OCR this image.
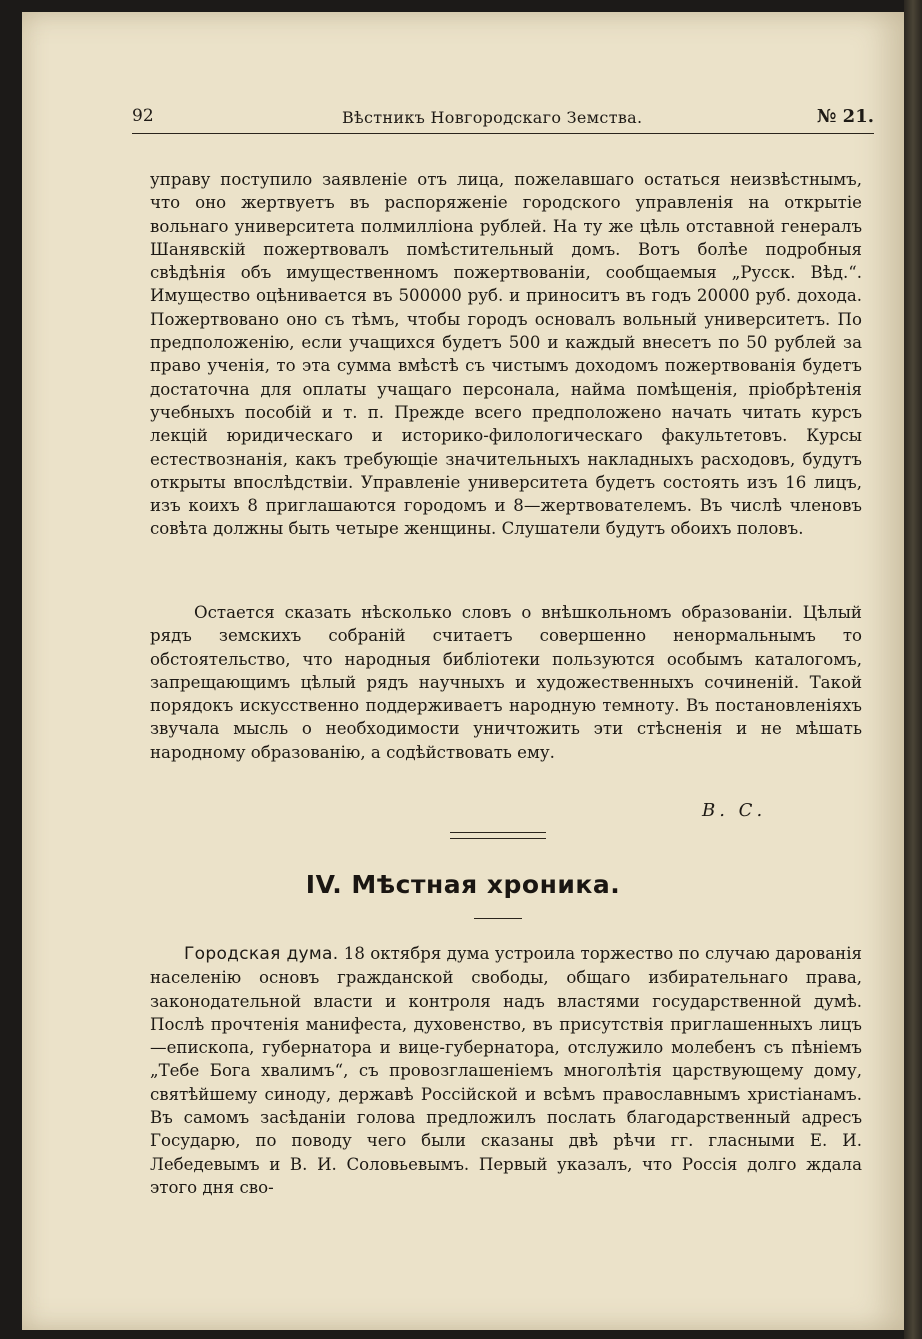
92	Вѣстникъ Новгородскаго Земства.	№ 21.

управу поступило заявленіе отъ лица, пожелавшаго остаться неизвѣстнымъ, что оно жертвуетъ въ распоряженіе городского управленія на открытіе вольнаго университета полмилліона рублей. На ту же цѣль отставной генералъ Шанявскій пожертвовалъ помѣстительный домъ. Вотъ болѣе подробныя свѣдѣнія объ имущественномъ пожертвованіи, сообщаемыя „Русск. Вѣд.“. Имущество оцѣнивается въ 500000 руб. и приноситъ въ годъ 20000 руб. дохода. Пожертвовано оно съ тѣмъ, чтобы городъ основалъ вольный университетъ. По предположенію, если учащихся будетъ 500 и каждый внесетъ по 50 рублей за право ученія, то эта сумма вмѣстѣ съ чистымъ доходомъ пожертвованія будетъ достаточна для оплаты учащаго персонала, найма помѣщенія, пріобрѣтенія учебныхъ пособій и т. п. Прежде всего предположено начать читать курсъ лекцій юридическаго и историко-филологическаго факультетовъ. Курсы естествознанія, какъ требующіе значительныхъ накладныхъ расходовъ, будутъ открыты впослѣдствіи. Управленіе университета будетъ состоять изъ 16 лицъ, изъ коихъ 8 приглашаются городомъ и 8—жертвователемъ. Въ числѣ членовъ совѣта должны быть четыре женщины. Слушатели будутъ обоихъ половъ.

Остается сказать нѣсколько словъ о внѣшкольномъ образованіи. Цѣлый рядъ земскихъ собраній считаетъ совершенно ненормальнымъ то обстоятельство, что народныя библіотеки пользуются особымъ каталогомъ, запрещающимъ цѣлый рядъ научныхъ и художественныхъ сочиненій. Такой порядокъ искусственно поддерживаетъ народную темноту. Въ постановленіяхъ звучала мысль о необходимости уничтожить эти стѣсненія и не мѣшать народному образованію, а содѣйствовать ему.

В. С.
IV. Мѣстная хроника.

Городская дума. 18 октября дума устроила торжество по случаю дарованія населенію основъ гражданской свободы, общаго избирательнаго права, законодательной власти и контроля надъ властями государственной думѣ. Послѣ прочтенія манифеста, духовенство, въ присутствія приглашенныхъ лицъ—епископа, губернатора и вице-губернатора, отслужило молебенъ съ пѣніемъ „Тебе Бога хвалимъ“, съ провозглашеніемъ многолѣтія царствующему дому, святѣйшему синоду, державѣ Россійской и всѣмъ православнымъ христіанамъ. Въ самомъ засѣданіи голова предложилъ послать благодарственный адресъ Государю, по поводу чего были сказаны двѣ рѣчи гг. гласными Е. И. Лебедевымъ и В. И. Соловьевымъ. Первый указалъ, что Россія долго ждала этого дня сво-
